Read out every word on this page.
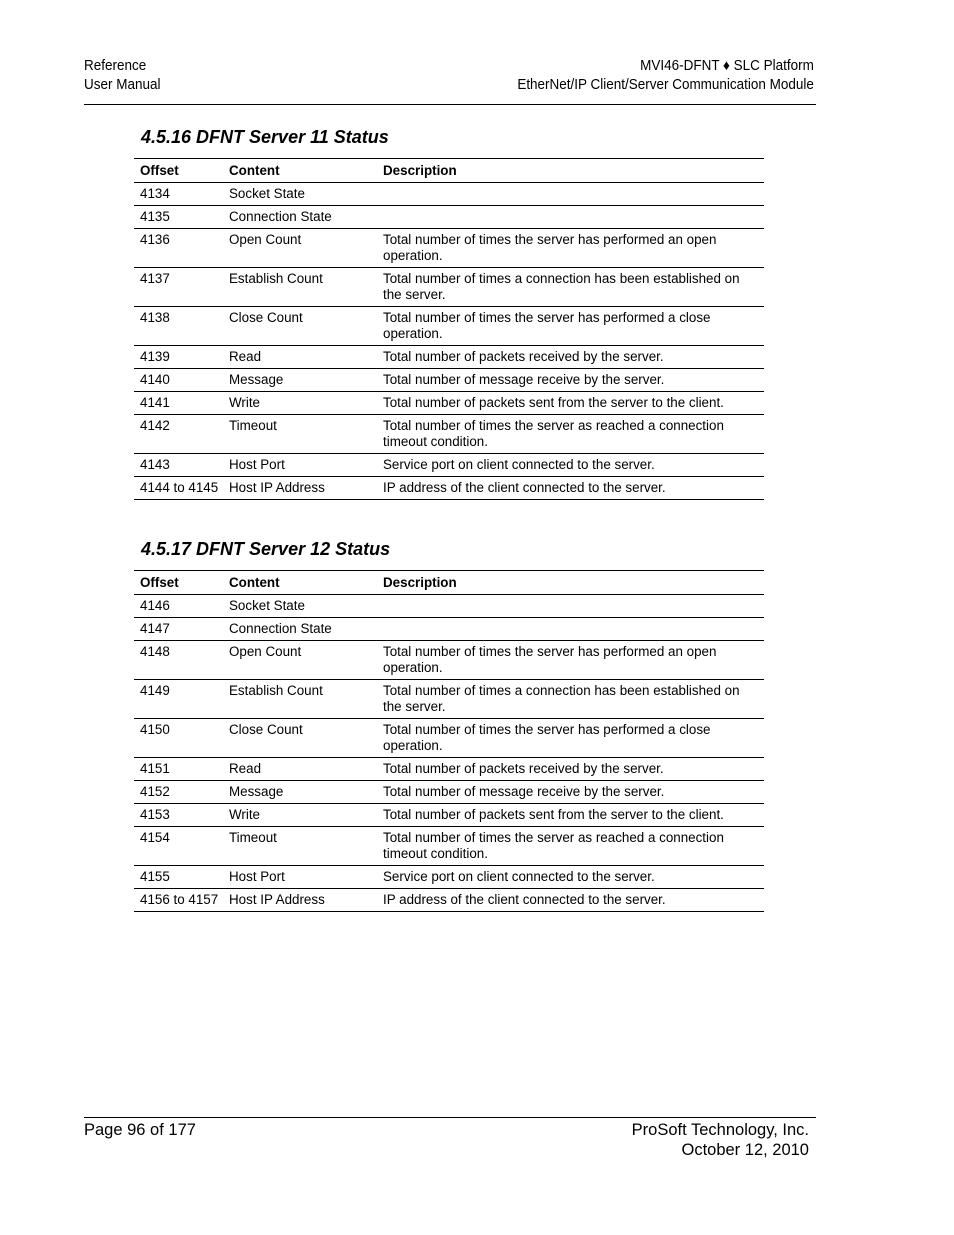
Reference
User Manual
MVI46-DFNT ♦ SLC Platform
EtherNet/IP Client/Server Communication Module
4.5.16 DFNT Server 11 Status
Offset	Content	Description
4134	Socket State	
4135	Connection State	
4136	Open Count	Total number of times the server has performed an open operation.
4137	Establish Count	Total number of times a connection has been established on the server.
4138	Close Count	Total number of times the server has performed a close operation.
4139	Read	Total number of packets received by the server.
4140	Message	Total number of message receive by the server.
4141	Write	Total number of packets sent from the server to the client.
4142	Timeout	Total number of times the server as reached a connection timeout condition.
4143	Host Port	Service port on client connected to the server.
4144 to 4145	Host IP Address	IP address of the client connected to the server.
4.5.17 DFNT Server 12 Status
Offset	Content	Description
4146	Socket State	
4147	Connection State	
4148	Open Count	Total number of times the server has performed an open operation.
4149	Establish Count	Total number of times a connection has been established on the server.
4150	Close Count	Total number of times the server has performed a close operation.
4151	Read	Total number of packets received by the server.
4152	Message	Total number of message receive by the server.
4153	Write	Total number of packets sent from the server to the client.
4154	Timeout	Total number of times the server as reached a connection timeout condition.
4155	Host Port	Service port on client connected to the server.
4156 to 4157	Host IP Address	IP address of the client connected to the server.
Page 96 of 177	ProSoft Technology, Inc.
October 12, 2010
